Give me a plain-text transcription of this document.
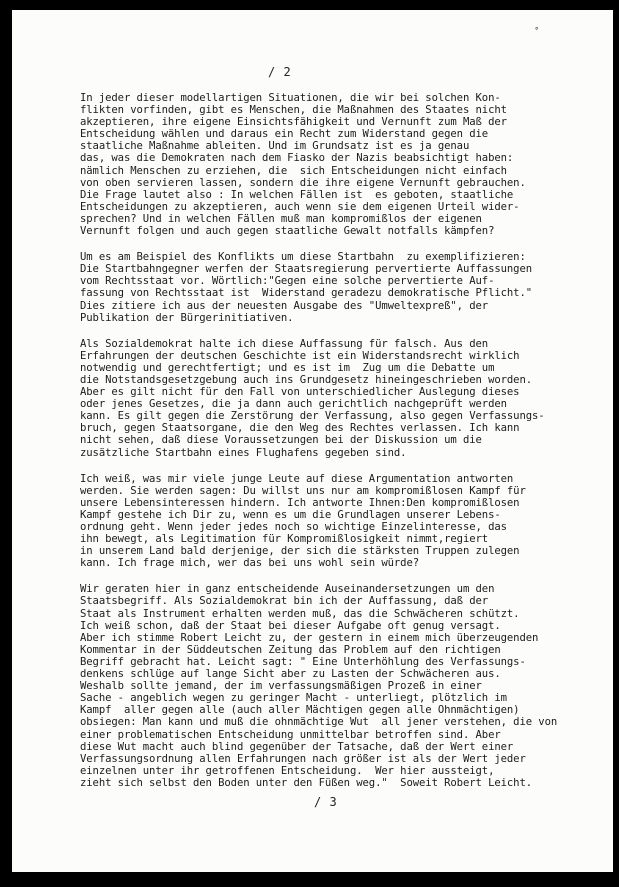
˚
/ 2
In jeder dieser modellartigen Situationen, die wir bei solchen Kon-
flikten vorfinden, gibt es Menschen, die Maßnahmen des Staates nicht
akzeptieren, ihre eigene Einsichtsfähigkeit und Vernunft zum Maß der
Entscheidung wählen und daraus ein Recht zum Widerstand gegen die
staatliche Maßnahme ableiten. Und im Grundsatz ist es ja genau
das, was die Demokraten nach dem Fiasko der Nazis beabsichtigt haben:
nämlich Menschen zu erziehen, die  sich Entscheidungen nicht einfach
von oben servieren lassen, sondern die ihre eigene Vernunft gebrauchen.
Die Frage lautet also : In welchen Fällen ist  es geboten, staatliche
Entscheidungen zu akzeptieren, auch wenn sie dem eigenen Urteil wider-
sprechen? Und in welchen Fällen muß man kompromißlos der eigenen
Vernunft folgen und auch gegen staatliche Gewalt notfalls kämpfen?
Um es am Beispiel des Konflikts um diese Startbahn  zu exemplifizieren:
Die Startbahngegner werfen der Staatsregierung pervertierte Auffassungen
vom Rechtsstaat vor. Wörtlich:"Gegen eine solche pervertierte Auf-
fassung von Rechtsstaat ist  Widerstand geradezu demokratische Pflicht."
Dies zitiere ich aus der neuesten Ausgabe des "Umweltexpreß", der
Publikation der Bürgerinitiativen.
Als Sozialdemokrat halte ich diese Auffassung für falsch. Aus den
Erfahrungen der deutschen Geschichte ist ein Widerstandsrecht wirklich
notwendig und gerechtfertigt; und es ist im  Zug um die Debatte um
die Notstandsgesetzgebung auch ins Grundgesetz hineingeschrieben worden.
Aber es gilt nicht für den Fall von unterschiedlicher Auslegung dieses
oder jenes Gesetzes, die ja dann auch gerichtlich nachgeprüft werden
kann. Es gilt gegen die Zerstörung der Verfassung, also gegen Verfassungs-
bruch, gegen Staatsorgane, die den Weg des Rechtes verlassen. Ich kann
nicht sehen, daß diese Voraussetzungen bei der Diskussion um die
zusätzliche Startbahn eines Flughafens gegeben sind.
Ich weiß, was mir viele junge Leute auf diese Argumentation antworten
werden. Sie werden sagen: Du willst uns nur am kompromißlosen Kampf für
unsere Lebensinteressen hindern. Ich antworte Ihnen:Den kompromißlosen
Kampf gestehe ich Dir zu, wenn es um die Grundlagen unserer Lebens-
ordnung geht. Wenn jeder jedes noch so wichtige Einzelinteresse, das
ihn bewegt, als Legitimation für Kompromißlosigkeit nimmt,regiert
in unserem Land bald derjenige, der sich die stärksten Truppen zulegen
kann. Ich frage mich, wer das bei uns wohl sein würde?
Wir geraten hier in ganz entscheidende Auseinandersetzungen um den
Staatsbegriff. Als Sozialdemokrat bin ich der Auffassung, daß der
Staat als Instrument erhalten werden muß, das die Schwächeren schützt.
Ich weiß schon, daß der Staat bei dieser Aufgabe oft genug versagt.
Aber ich stimme Robert Leicht zu, der gestern in einem mich überzeugenden
Kommentar in der Süddeutschen Zeitung das Problem auf den richtigen
Begriff gebracht hat. Leicht sagt: " Eine Unterhöhlung des Verfassungs-
denkens schlüge auf lange Sicht aber zu Lasten der Schwächeren aus.
Weshalb sollte jemand, der im verfassungsmäßigen Prozeß in einer
Sache - angeblich wegen zu geringer Macht - unterliegt, plötzlich im
Kampf  aller gegen alle (auch aller Mächtigen gegen alle Ohnmächtigen)
obsiegen: Man kann und muß die ohnmächtige Wut  all jener verstehen, die von
einer problematischen Entscheidung unmittelbar betroffen sind. Aber
diese Wut macht auch blind gegenüber der Tatsache, daß der Wert einer
Verfassungsordnung allen Erfahrungen nach größer ist als der Wert jeder
einzelnen unter ihr getroffenen Entscheidung.  Wer hier aussteigt,
zieht sich selbst den Boden unter den Füßen weg."  Soweit Robert Leicht.
/ 3
